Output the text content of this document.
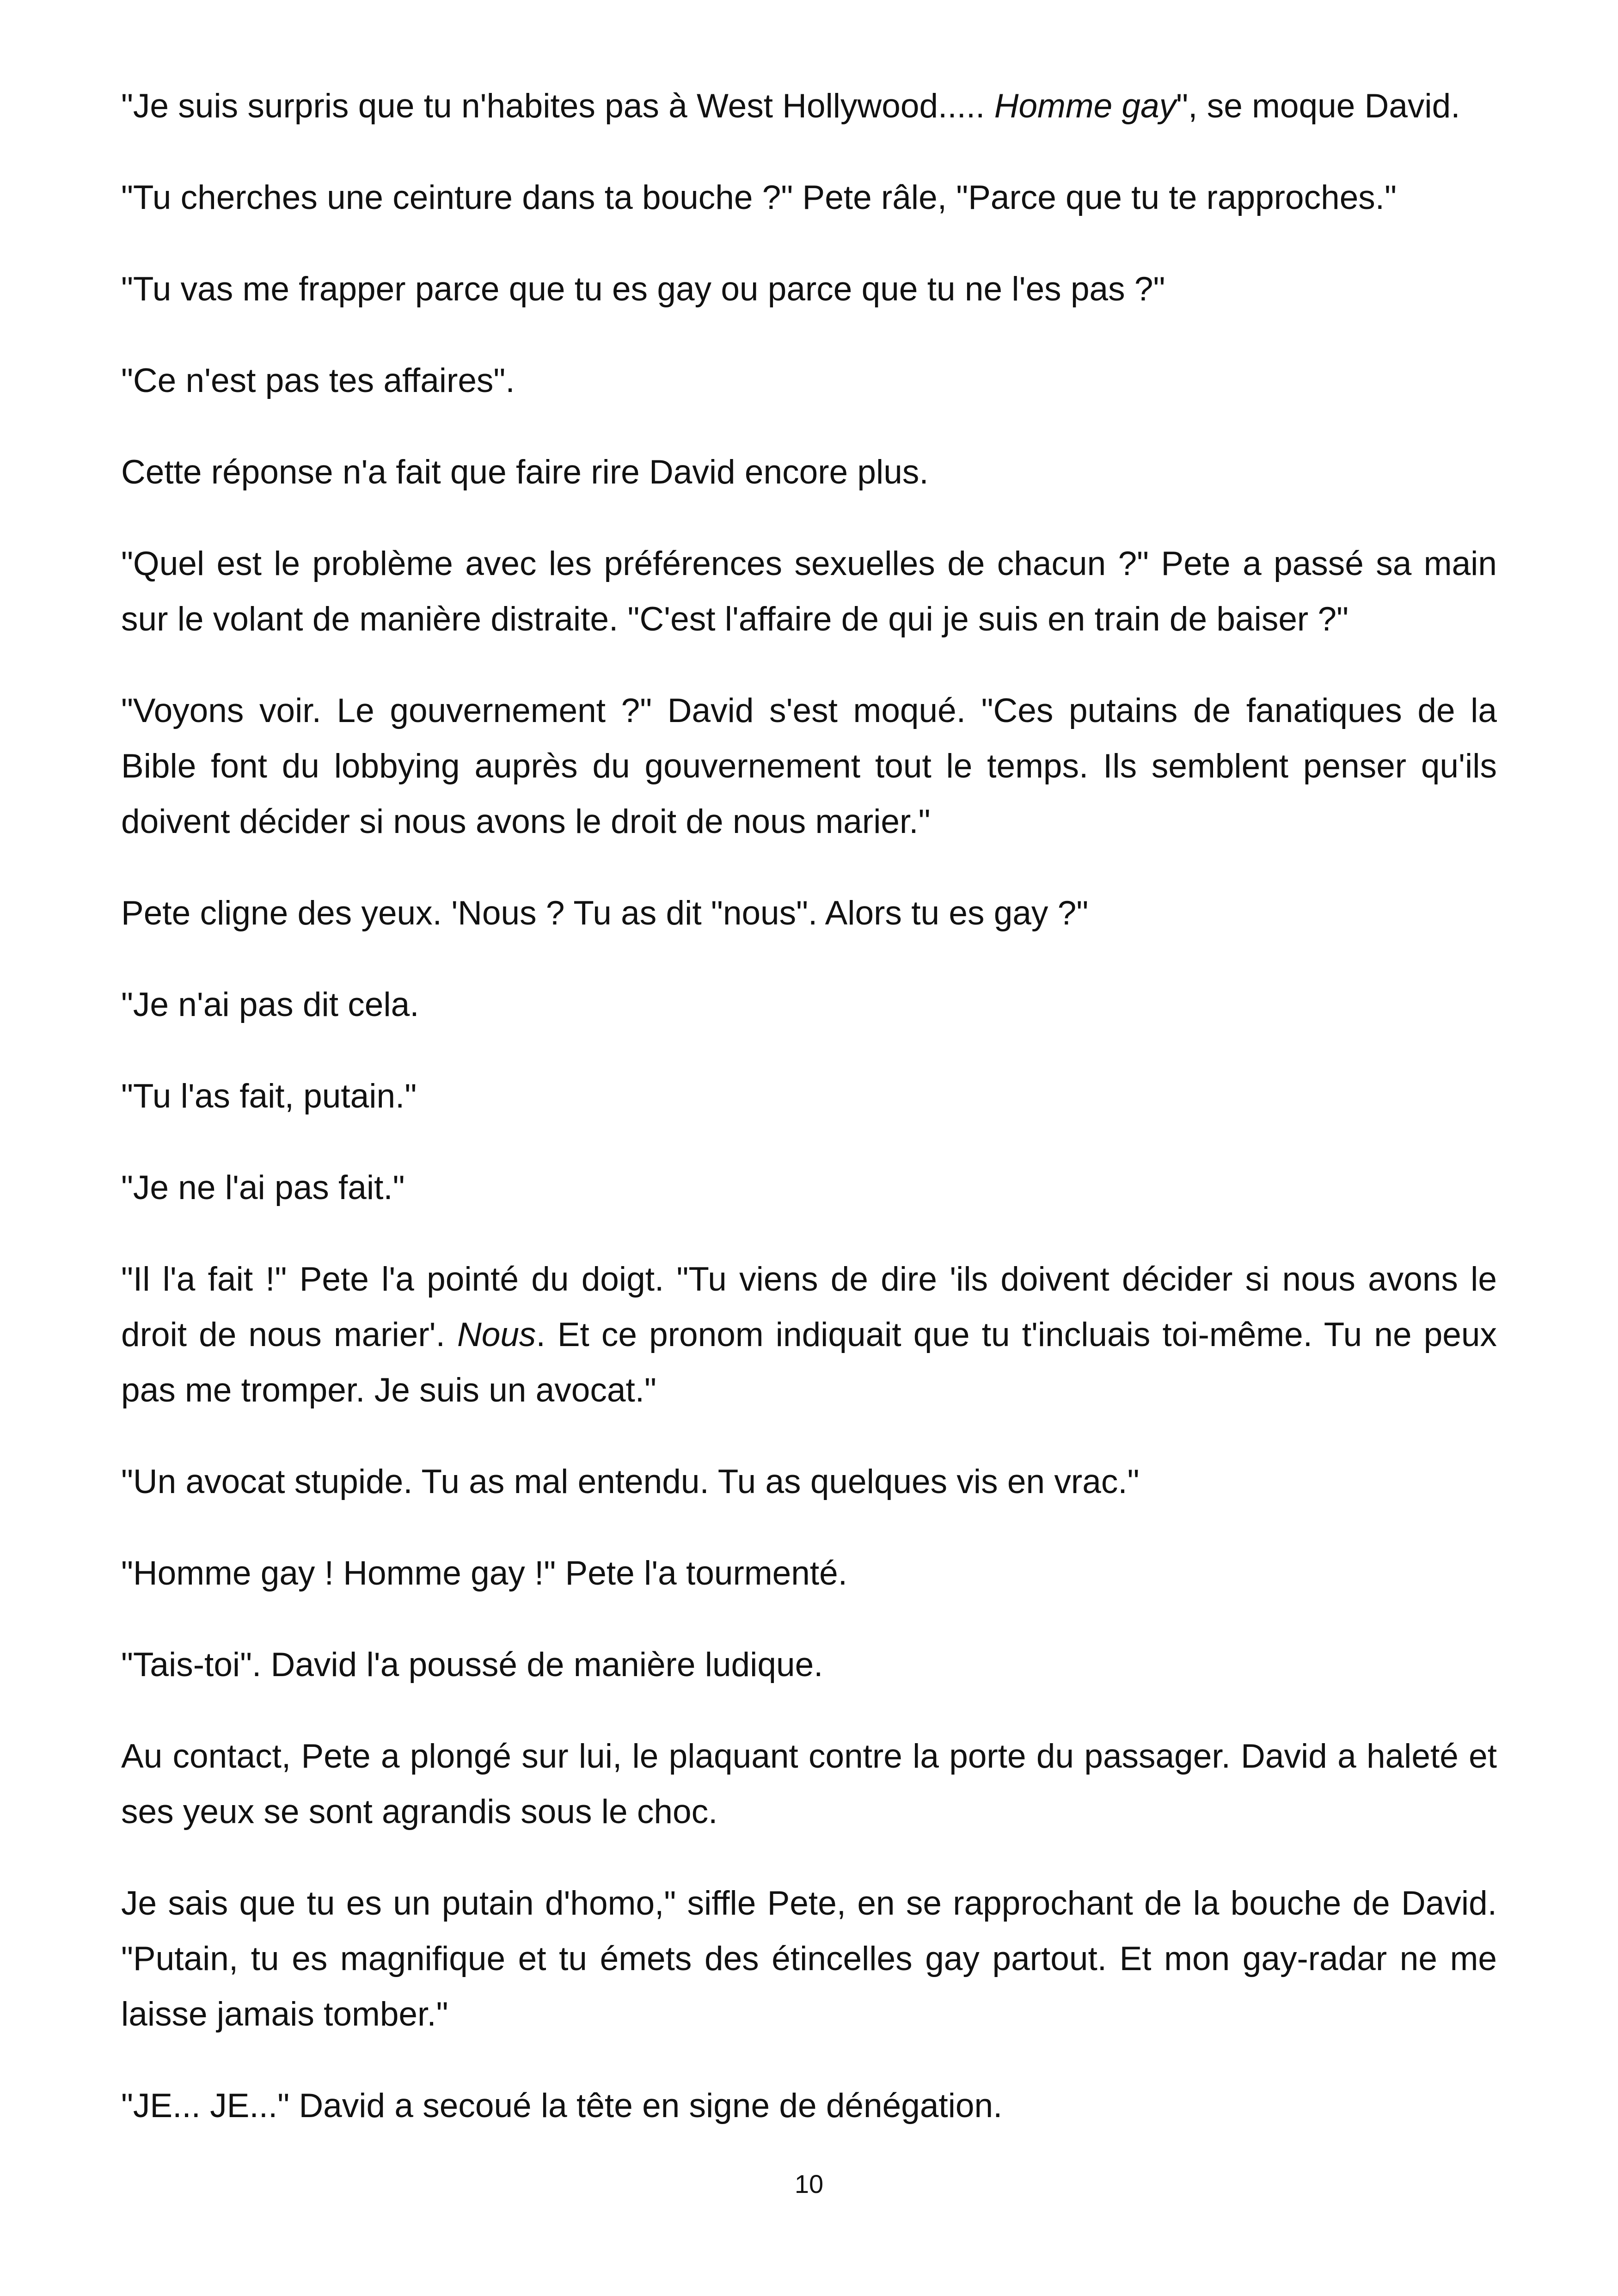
"Je suis surpris que tu n'habites pas à West Hollywood..... Homme gay", se moque David.

"Tu cherches une ceinture dans ta bouche ?" Pete râle, "Parce que tu te rapproches."

"Tu vas me frapper parce que tu es gay ou parce que tu ne l'es pas ?"

"Ce n'est pas tes affaires".

Cette réponse n'a fait que faire rire David encore plus.

"Quel est le problème avec les préférences sexuelles de chacun ?" Pete a passé sa main sur le volant de manière distraite. "C'est l'affaire de qui je suis en train de baiser ?"

"Voyons voir. Le gouvernement ?" David s'est moqué. "Ces putains de fanatiques de la Bible font du lobbying auprès du gouvernement tout le temps. Ils semblent penser qu'ils doivent décider si nous avons le droit de nous marier."

Pete cligne des yeux. 'Nous ? Tu as dit "nous". Alors tu es gay ?"

"Je n'ai pas dit cela.

"Tu l'as fait, putain."

"Je ne l'ai pas fait."

"Il l'a fait !" Pete l'a pointé du doigt. "Tu viens de dire 'ils doivent décider si nous avons le droit de nous marier'. Nous. Et ce pronom indiquait que tu t'incluais toi-même. Tu ne peux pas me tromper. Je suis un avocat."

"Un avocat stupide. Tu as mal entendu. Tu as quelques vis en vrac."

"Homme gay ! Homme gay !" Pete l'a tourmenté.

"Tais-toi". David l'a poussé de manière ludique.

Au contact, Pete a plongé sur lui, le plaquant contre la porte du passager. David a haleté et ses yeux se sont agrandis sous le choc.

Je sais que tu es un putain d'homo," siffle Pete, en se rapprochant de la bouche de David. "Putain, tu es magnifique et tu émets des étincelles gay partout. Et mon gay-radar ne me laisse jamais tomber."

"JE... JE..." David a secoué la tête en signe de dénégation.

10
